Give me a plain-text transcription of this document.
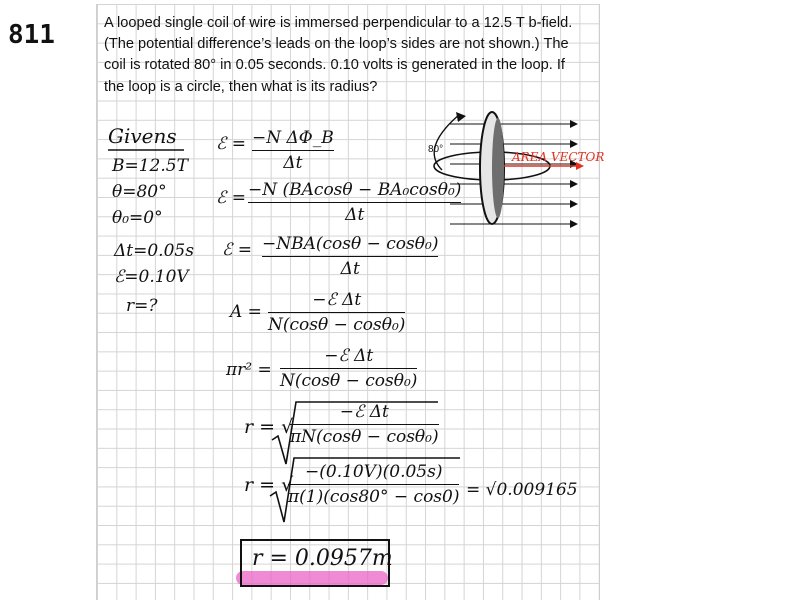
811	A looped single coil of wire is immersed perpendicular to a 12.5 T b-field. (The potential difference’s leads on the loop’s sides are not shown.) The coil is rotated 80° in 0.05 seconds. 0.10 volts is generated in the loop. If the loop is a circle, then what is its radius?

Givens
B=12.5T
θ=80°
θ₀=0°
Δt=0.05s
ℰ=0.10V
r=?
ℰ = −N ΔΦ_B
Δt
ℰ = −N (BAcosθ − BA₀cosθ₀)
Δt
ℰ = −NBA(cosθ − cosθ₀)
Δt
A =
−ℰ Δt
N(cosθ − cosθ₀)
πr² =
−ℰ Δt
N(cosθ − cosθ₀)
r = √
−ℰ Δt
πN(cosθ − cosθ₀)
r = √
−(0.10V)(0.05s)
π(1)(cos80° − cos0) = √0.009165
80°
AREA VECTOR
r = 0.0957m
